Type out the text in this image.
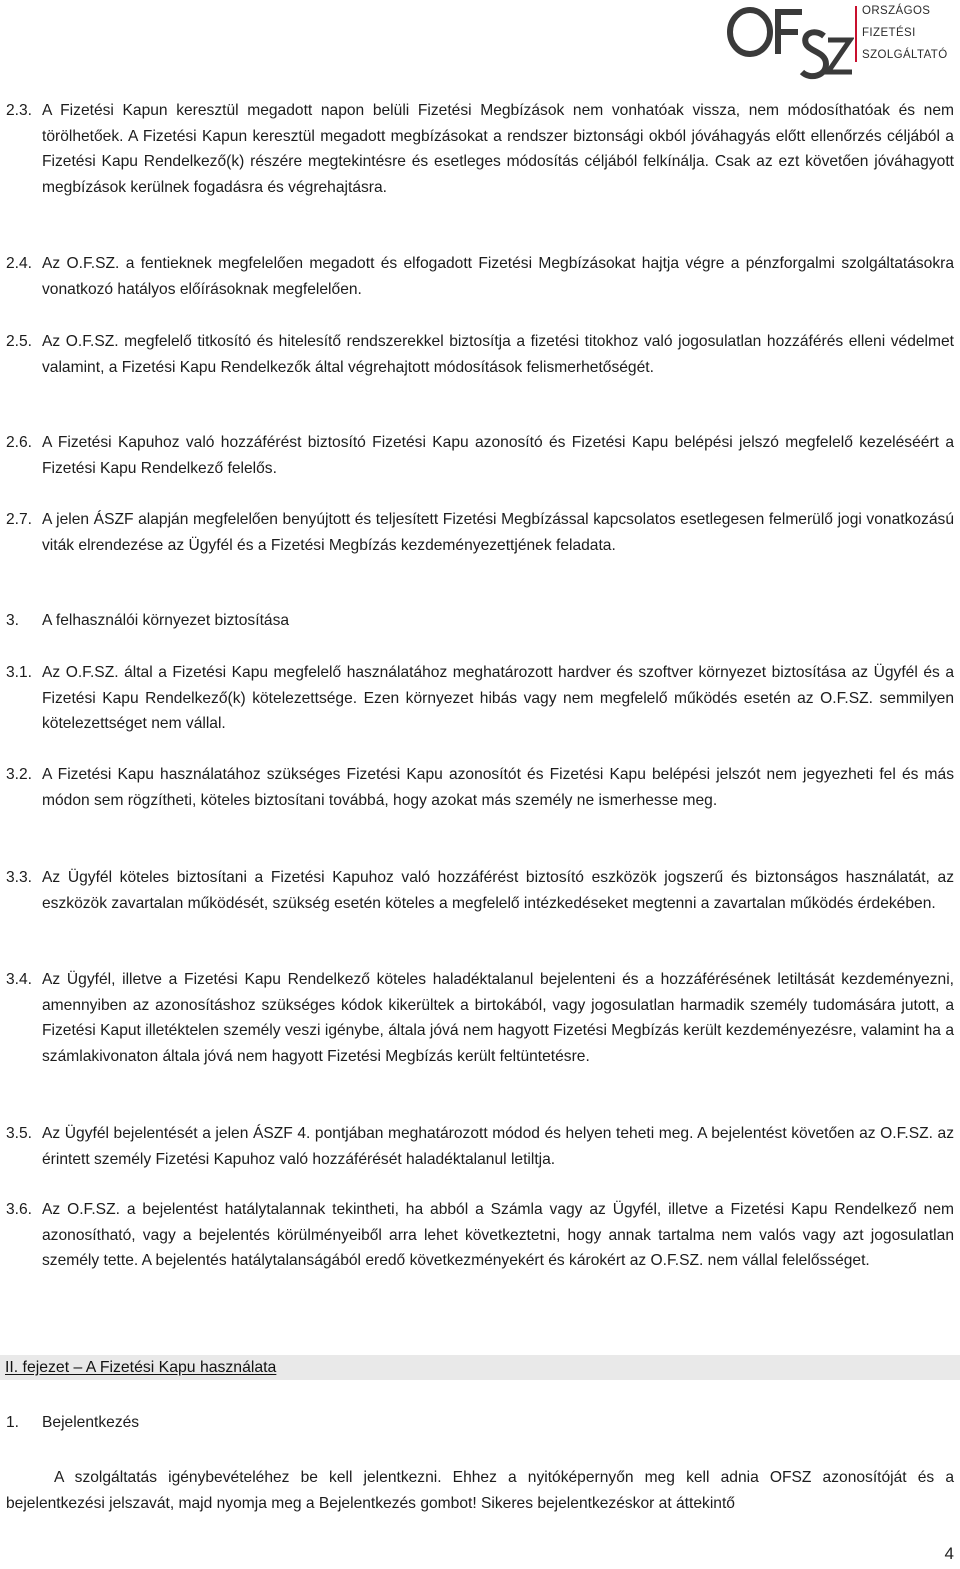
ORSZÁGOS
FIZETÉSI
SZOLGÁLTATÓ
2.3. A Fizetési Kapun keresztül megadott napon belüli Fizetési Megbízások nem vonhatóak vissza, nem módosíthatóak és nem törölhetőek. A Fizetési Kapun keresztül megadott megbízásokat a rendszer biztonsági okból jóváhagyás előtt ellenőrzés céljából a Fizetési Kapu Rendelkező(k) részére megtekintésre és esetleges módosítás céljából felkínálja. Csak az ezt követően jóváhagyott megbízások kerülnek fogadásra és végrehajtásra.

2.4. Az O.F.SZ. a fentieknek megfelelően megadott és elfogadott Fizetési Megbízásokat hajtja végre a pénzforgalmi szolgáltatásokra vonatkozó hatályos előírásoknak megfelelően.

2.5. Az O.F.SZ. megfelelő titkosító és hitelesítő rendszerekkel biztosítja a fizetési titokhoz való jogosulatlan hozzáférés elleni védelmet valamint, a Fizetési Kapu Rendelkezők által végrehajtott módosítások felismerhetőségét.

2.6. A Fizetési Kapuhoz való hozzáférést biztosító Fizetési Kapu azonosító és Fizetési Kapu belépési jelszó megfelelő kezeléséért a Fizetési Kapu Rendelkező felelős.

2.7. A jelen ÁSZF alapján megfelelően benyújtott és teljesített Fizetési Megbízással kapcsolatos esetlegesen felmerülő jogi vonatkozású viták elrendezése az Ügyfél és a Fizetési Megbízás kezdeményezettjének feladata.

3. A felhasználói környezet biztosítása
3.1. Az O.F.SZ. által a Fizetési Kapu megfelelő használatához meghatározott hardver és szoftver környezet biztosítása az Ügyfél és a Fizetési Kapu Rendelkező(k) kötelezettsége. Ezen környezet hibás vagy nem megfelelő működés esetén az O.F.SZ. semmilyen kötelezettséget nem vállal.

3.2. A Fizetési Kapu használatához szükséges Fizetési Kapu azonosítót és Fizetési Kapu belépési jelszót nem jegyezheti fel és más módon sem rögzítheti, köteles biztosítani továbbá, hogy azokat más személy ne ismerhesse meg.

3.3. Az Ügyfél köteles biztosítani a Fizetési Kapuhoz való hozzáférést biztosító eszközök jogszerű és biztonságos használatát, az eszközök zavartalan működését, szükség esetén köteles a megfelelő intézkedéseket megtenni a zavartalan működés érdekében.

3.4. Az Ügyfél, illetve a Fizetési Kapu Rendelkező köteles haladéktalanul bejelenteni és a hozzáférésének letiltását kezdeményezni, amennyiben az azonosításhoz szükséges kódok kikerültek a birtokából, vagy jogosulatlan harmadik személy tudomására jutott, a Fizetési Kaput illetéktelen személy veszi igénybe, általa jóvá nem hagyott Fizetési Megbízás került kezdeményezésre, valamint ha a számlakivonaton általa jóvá nem hagyott Fizetési Megbízás került feltüntetésre.

3.5. Az Ügyfél bejelentését a jelen ÁSZF 4. pontjában meghatározott módod és helyen teheti meg. A bejelentést követően az O.F.SZ. az érintett személy Fizetési Kapuhoz való hozzáférését haladéktalanul letiltja.

3.6. Az O.F.SZ. a bejelentést hatálytalannak tekintheti, ha abból a Számla vagy az Ügyfél, illetve a Fizetési Kapu Rendelkező nem azonosítható, vagy a bejelentés körülményeiből arra lehet következtetni, hogy annak tartalma nem valós vagy azt jogosulatlan személy tette. A bejelentés hatálytalanságából eredő következményekért és károkért az O.F.SZ. nem vállal felelősséget.

II. fejezet – A Fizetési Kapu használata
1. Bejelentkezés
A szolgáltatás igénybevételéhez be kell jelentkezni. Ehhez a nyitóképernyőn meg kell adnia OFSZ azonosítóját és a bejelentkezési jelszavát, majd nyomja meg a Bejelentkezés gombot! Sikeres bejelentkezéskor at áttekintő
4
